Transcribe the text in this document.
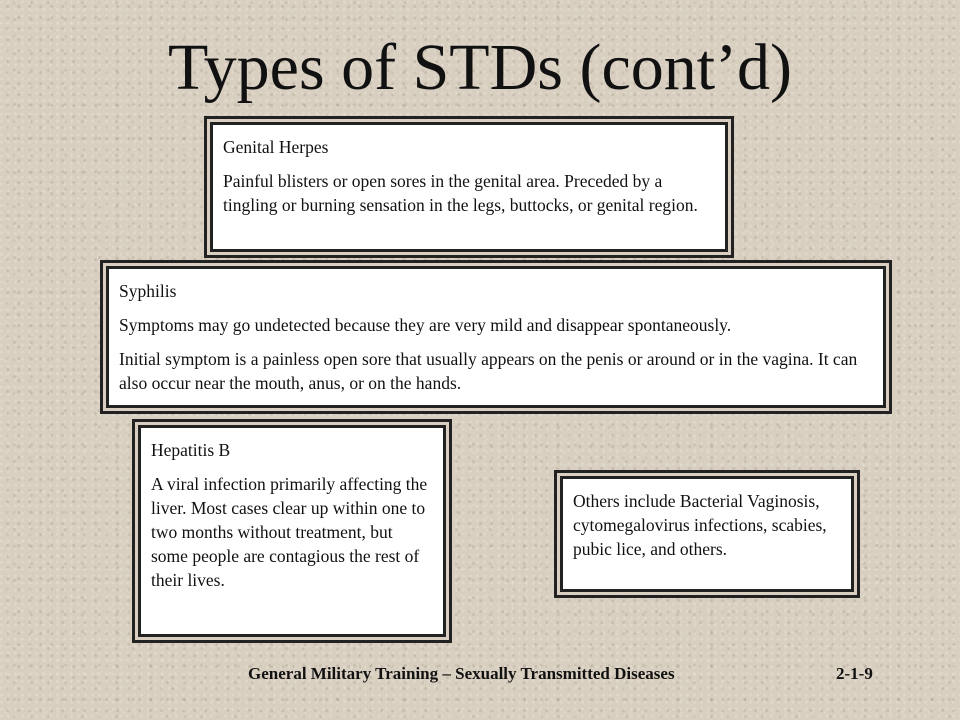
Types of STDs (cont’d)

Genital Herpes

Painful blisters or open sores in the genital area. Preceded by a tingling or burning sensation in the legs, buttocks, or genital region.

Syphilis

Symptoms may go undetected because they are very mild and disappear spontaneously.

Initial symptom is a painless open sore that usually appears on the penis or around or in the vagina. It can also occur near the mouth, anus, or on the hands.

Hepatitis B

A viral infection primarily affecting the liver. Most cases clear up within one to two months without treatment, but some people are contagious the rest of their lives.

Others include Bacterial Vaginosis, cytomegalovirus infections, scabies, pubic lice, and others.

General Military Training – Sexually Transmitted Diseases	2-1-9
